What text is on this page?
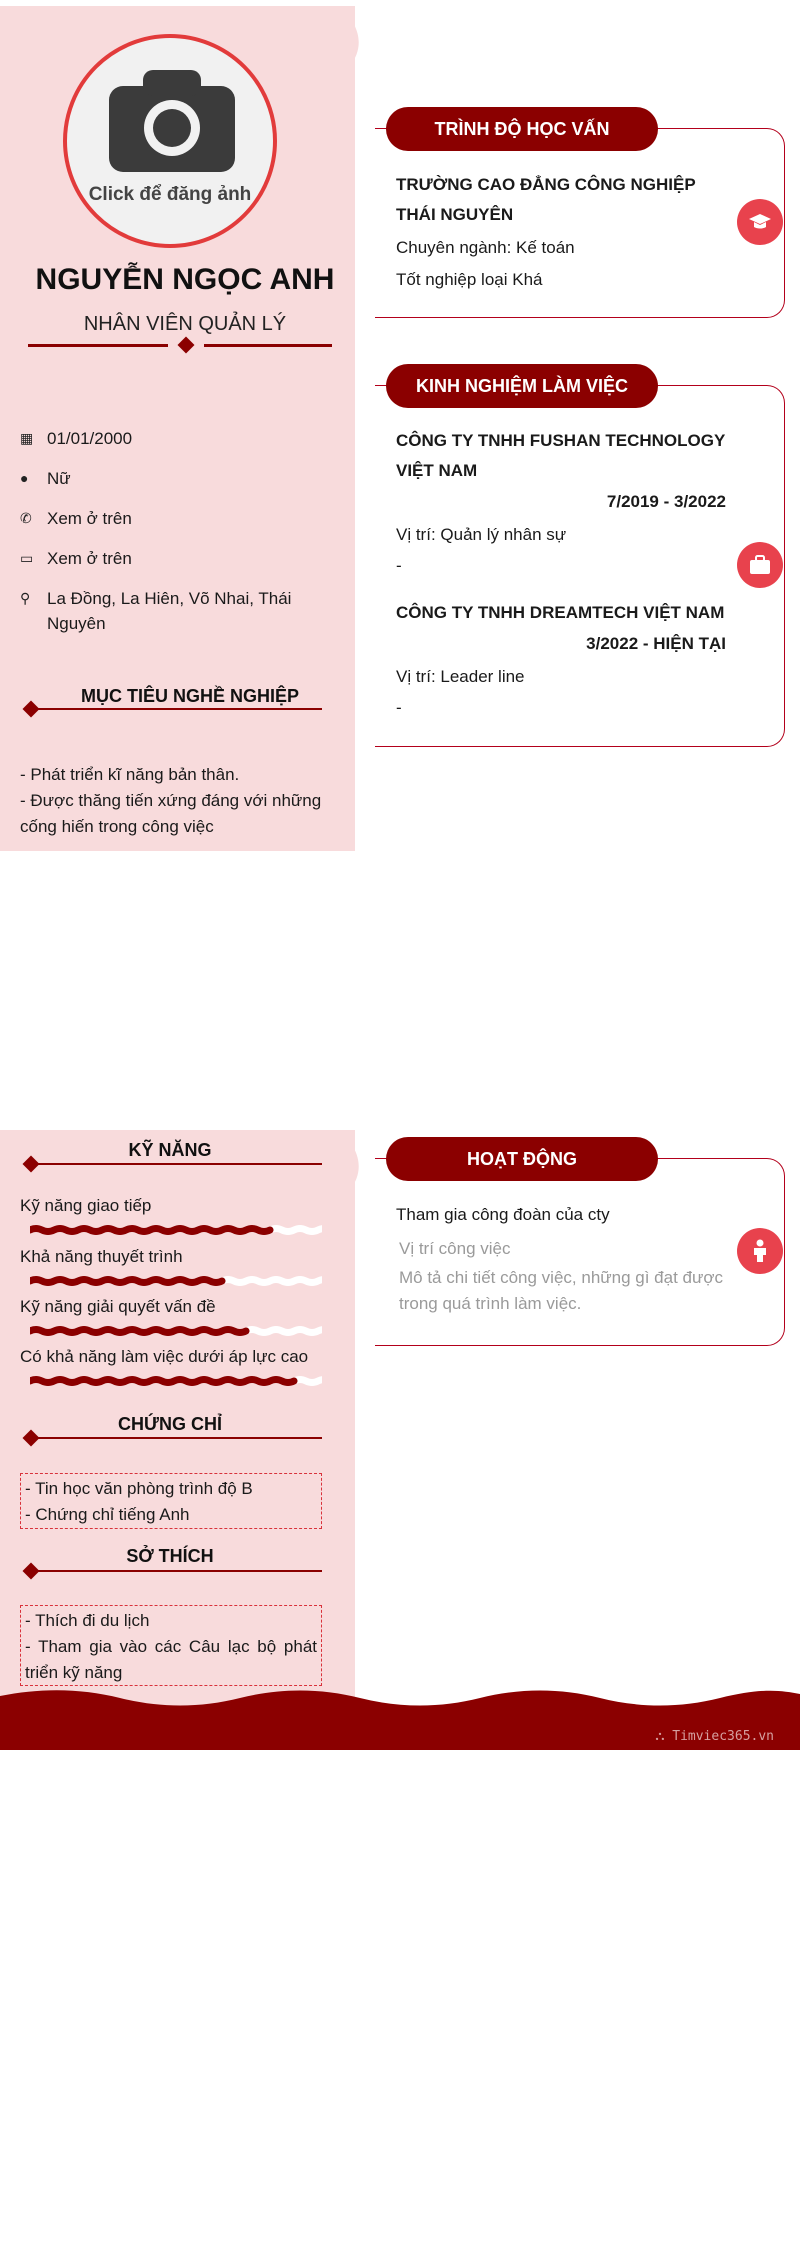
Click để đăng ảnh
NGUYỄN NGỌC ANH
NHÂN VIÊN QUẢN LÝ
▦ 01/01/2000
●	Nữ
✆ Xem ở trên
▭ Xem ở trên
⚲ La Đồng, La Hiên, Võ Nhai, Thái Nguyên
MỤC TIÊU NGHỀ NGHIỆP
- Phát triển kĩ năng bản thân.
- Được thăng tiến xứng đáng với những cống hiến trong công việc
TRÌNH ĐỘ HỌC VẤN
TRƯỜNG CAO ĐẲNG CÔNG NGHIỆP THÁI NGUYÊN
Chuyên ngành: Kế toán
Tốt nghiệp loại Khá
KINH NGHIỆM LÀM VIỆC
CÔNG TY TNHH FUSHAN TECHNOLOGY VIỆT NAM
7/2019 - 3/2022
Vị trí: Quản lý nhân sự
-
CÔNG TY TNHH DREAMTECH VIỆT NAM
3/2022 - HIỆN TẠI
Vị trí: Leader line
-
KỸ NĂNG
Kỹ năng giao tiếp
Khả năng thuyết trình
Kỹ năng giải quyết vấn đề
Có khả năng làm việc dưới áp lực cao
CHỨNG CHỈ
- Tin học văn phòng trình độ B
- Chứng chỉ tiếng Anh
SỞ THÍCH
- Thích đi du lịch
- Tham gia vào các Câu lạc bộ phát triển kỹ năng
HOẠT ĐỘNG
Tham gia công đoàn của cty
Vị trí công việc
Mô tả chi tiết công việc, những gì đạt được trong quá trình làm việc.
⛬ Timviec365.vn
